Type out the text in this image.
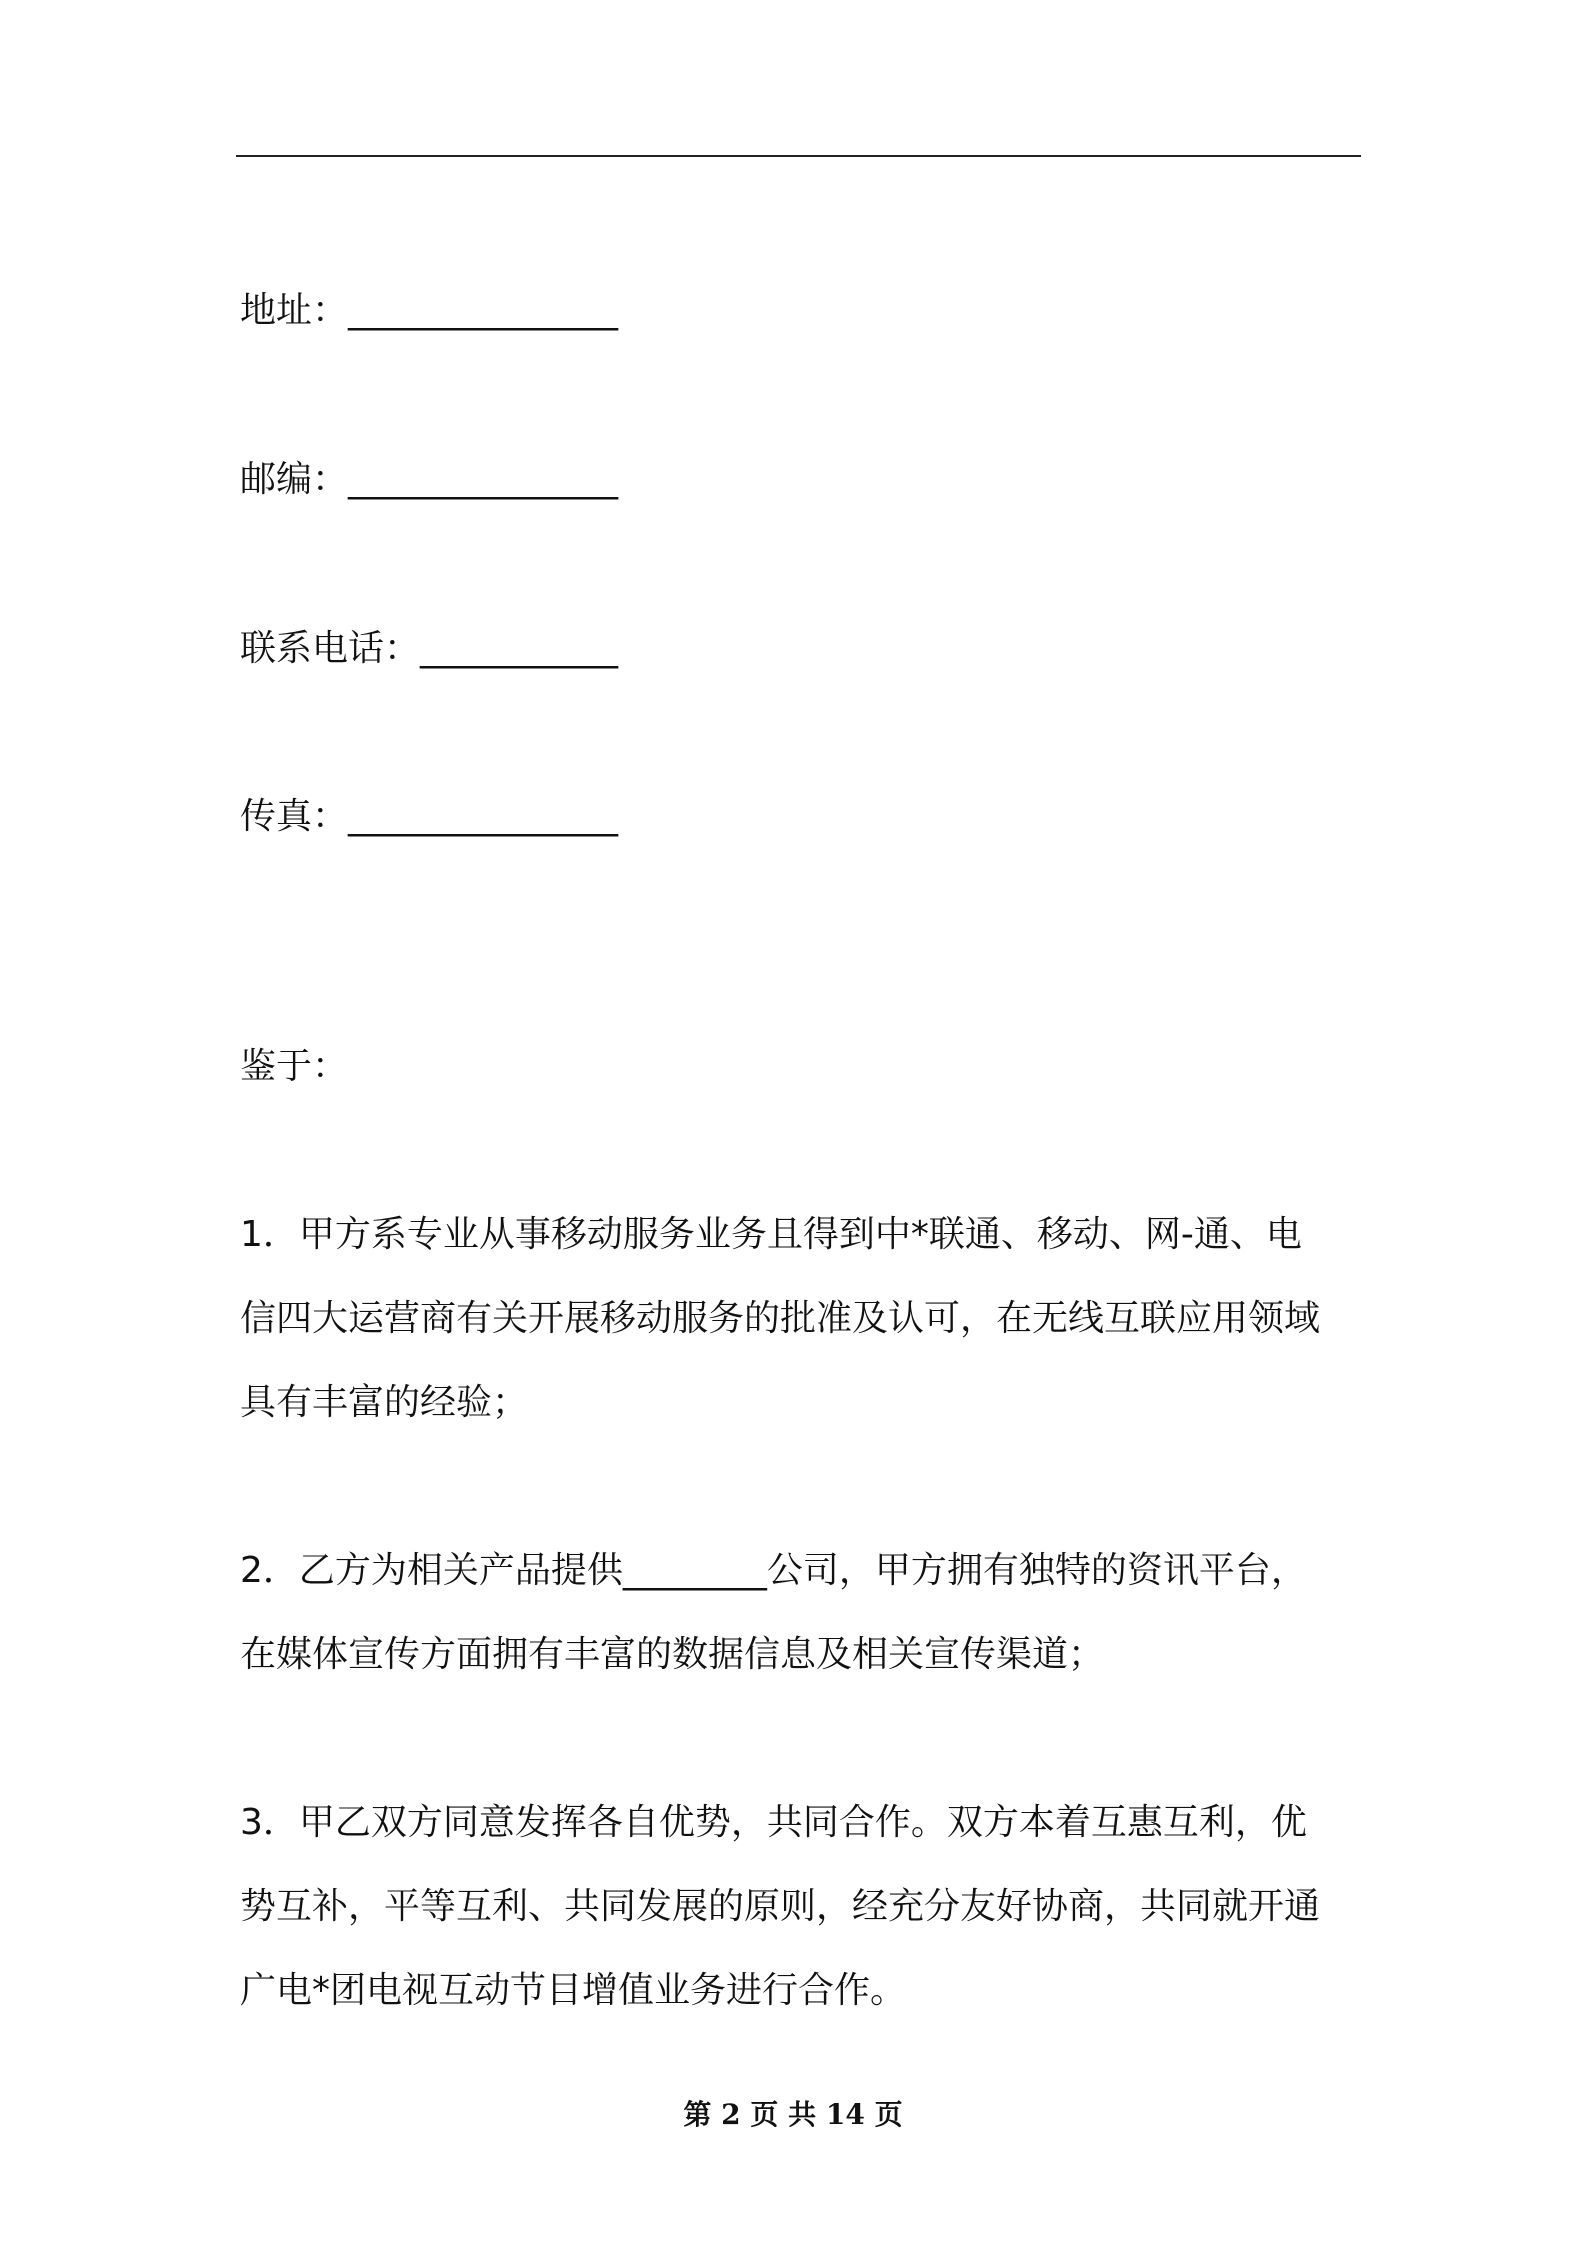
地址：_______________
邮编：_______________
联系电话：___________
传真：_______________
鉴于：
1．甲方系专业从事移动服务业务且得到中*联通、移动、网-通、电
信四大运营商有关开展移动服务的批准及认可，在无线互联应用领域
具有丰富的经验；
2．乙方为相关产品提供________公司，甲方拥有独特的资讯平台，
在媒体宣传方面拥有丰富的数据信息及相关宣传渠道；
3．甲乙双方同意发挥各自优势，共同合作。双方本着互惠互利，优
势互补，平等互利、共同发展的原则，经充分友好协商，共同就开通
广电*团电视互动节目增值业务进行合作。
第 2 页 共 14 页
